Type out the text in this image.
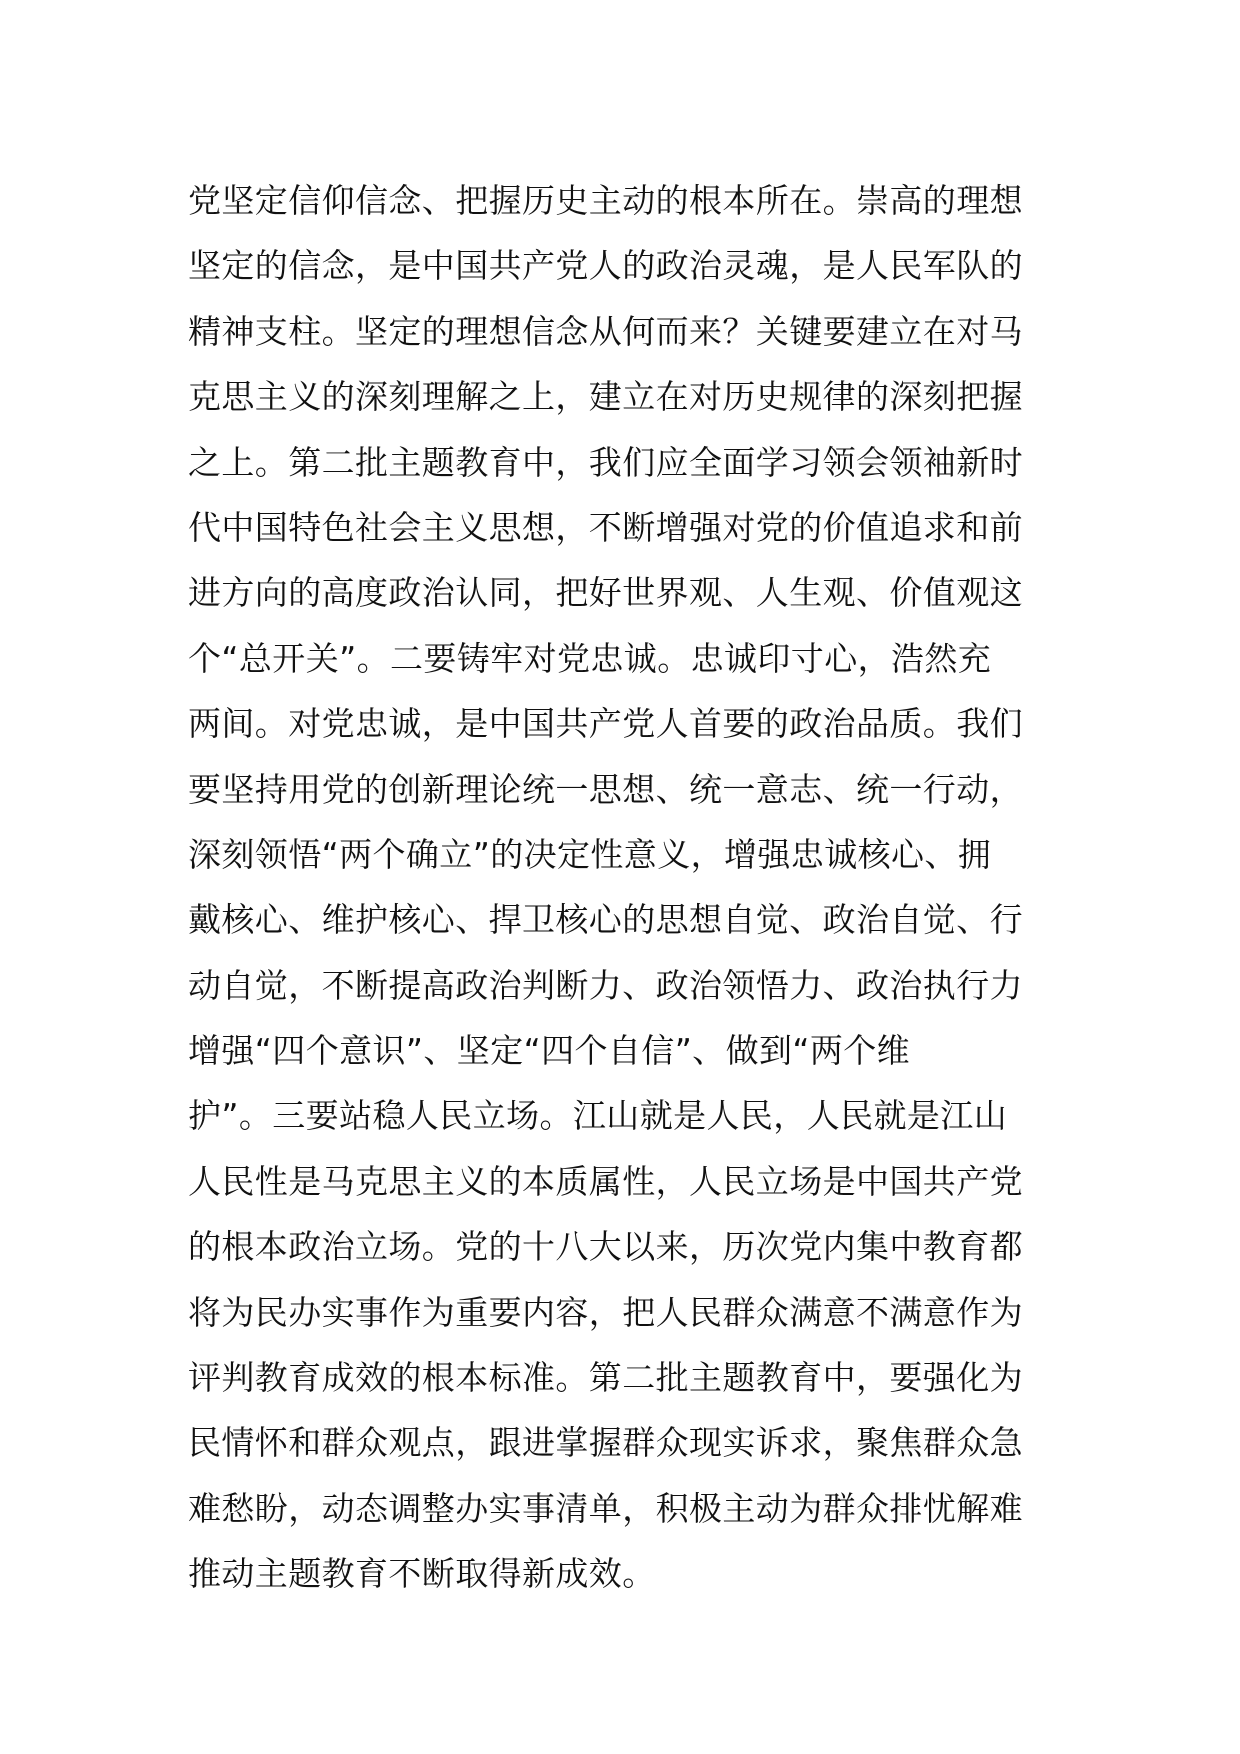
党坚定信仰信念、把握历史主动的根本所在。崇高的理想
坚定的信念，是中国共产党人的政治灵魂，是人民军队的
精神支柱。坚定的理想信念从何而来？关键要建立在对马
克思主义的深刻理解之上，建立在对历史规律的深刻把握
之上。第二批主题教育中，我们应全面学习领会领袖新时
代中国特色社会主义思想，不断增强对党的价值追求和前
进方向的高度政治认同，把好世界观、人生观、价值观这
个“总开关”。二要铸牢对党忠诚。忠诚印寸心，浩然充
两间。对党忠诚，是中国共产党人首要的政治品质。我们
要坚持用党的创新理论统一思想、统一意志、统一行动，
深刻领悟“两个确立”的决定性意义，增强忠诚核心、拥
戴核心、维护核心、捍卫核心的思想自觉、政治自觉、行
动自觉，不断提高政治判断力、政治领悟力、政治执行力
增强“四个意识”、坚定“四个自信”、做到“两个维
护”。三要站稳人民立场。江山就是人民，人民就是江山
人民性是马克思主义的本质属性，人民立场是中国共产党
的根本政治立场。党的十八大以来，历次党内集中教育都
将为民办实事作为重要内容，把人民群众满意不满意作为
评判教育成效的根本标准。第二批主题教育中，要强化为
民情怀和群众观点，跟进掌握群众现实诉求，聚焦群众急
难愁盼，动态调整办实事清单，积极主动为群众排忧解难
推动主题教育不断取得新成效。
